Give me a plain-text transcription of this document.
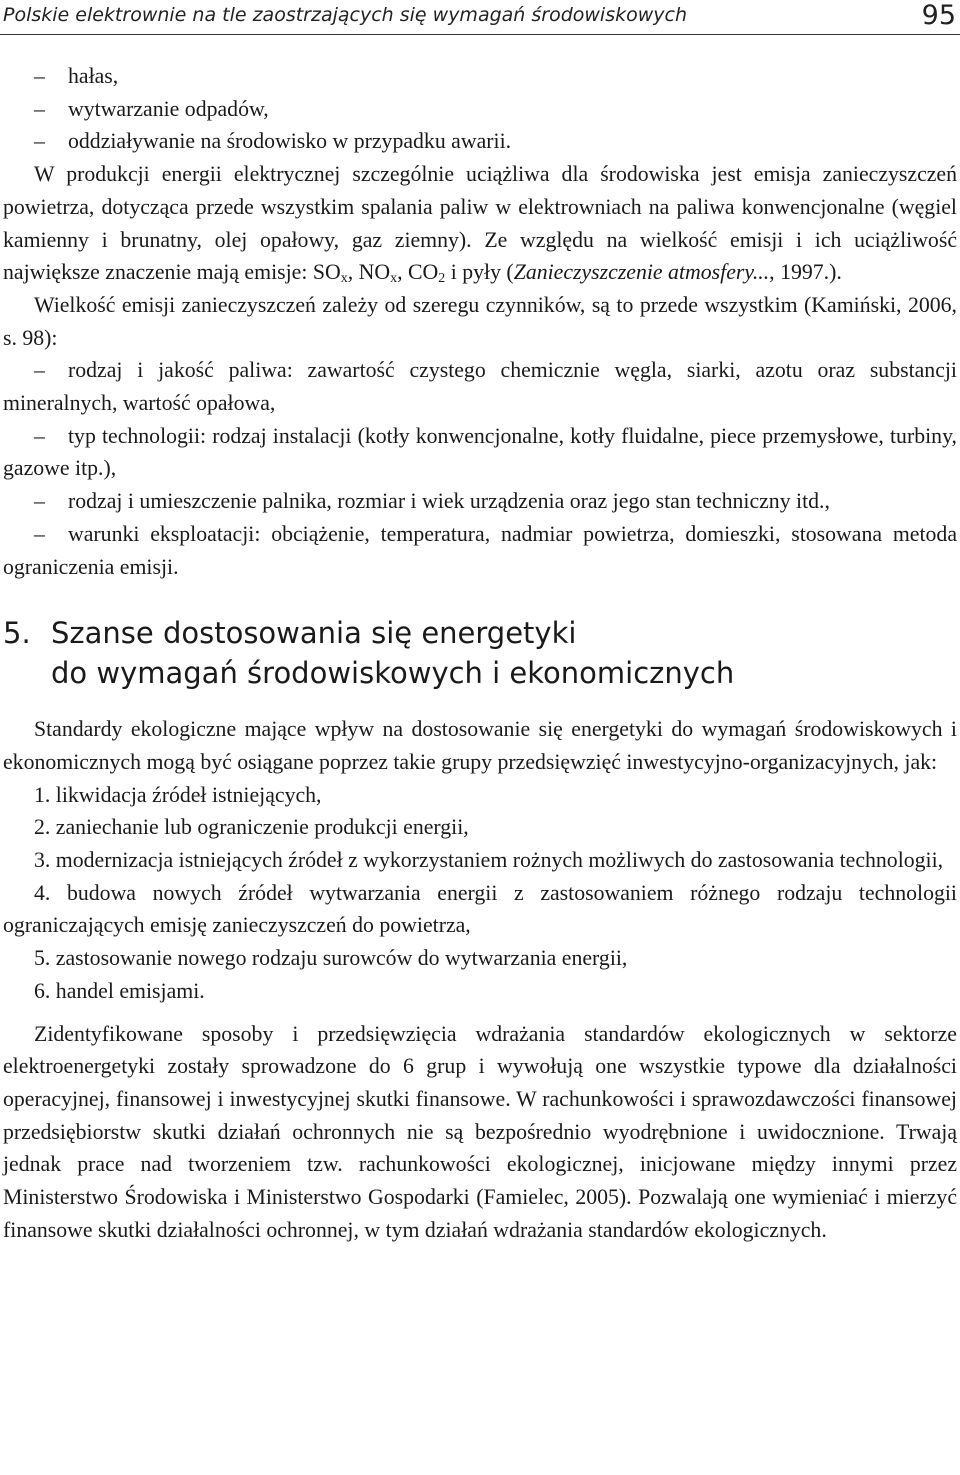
Polskie elektrownie na tle zaostrzających się wymagań środowiskowych	95

– hałas,

– wytwarzanie odpadów,

– oddziaływanie na środowisko w przypadku awarii.

W produkcji energii elektrycznej szczególnie uciążliwa dla środowiska jest emisja zanieczyszczeń powietrza, dotycząca przede wszystkim spalania paliw w elektrowniach na paliwa konwencjonalne (węgiel kamienny i brunatny, olej opałowy, gaz ziemny). Ze względu na wielkość emisji i ich uciążliwość największe znaczenie mają emisje: $SO_x$, $NO_x$, $CO_2$ i pyły (Zanieczyszczenie atmosfery..., 1997.).

Wielkość emisji zanieczyszczeń zależy od szeregu czynników, są to przede wszystkim (Kamiński, 2006, s. 98):

– rodzaj i jakość paliwa: zawartość czystego chemicznie węgla, siarki, azotu oraz substancji mineralnych, wartość opałowa,

– typ technologii: rodzaj instalacji (kotły konwencjonalne, kotły fluidalne, piece przemysłowe, turbiny, gazowe itp.),

– rodzaj i umieszczenie palnika, rozmiar i wiek urządzenia oraz jego stan techniczny itd.,

– warunki eksploatacji: obciążenie, temperatura, nadmiar powietrza, domieszki, stosowana metoda ograniczenia emisji.

5. Szanse dostosowania się energetyki
do wymagań środowiskowych i ekonomicznych

Standardy ekologiczne mające wpływ na dostosowanie się energetyki do wymagań środowiskowych i ekonomicznych mogą być osiągane poprzez takie grupy przedsięwzięć inwestycyjno-organizacyjnych, jak:

1. likwidacja źródeł istniejących,

2. zaniechanie lub ograniczenie produkcji energii,

3. modernizacja istniejących źródeł z wykorzystaniem rożnych możliwych do zastosowania technologii,

4. budowa nowych źródeł wytwarzania energii z zastosowaniem różnego rodzaju technologii ograniczających emisję zanieczyszczeń do powietrza,

5. zastosowanie nowego rodzaju surowców do wytwarzania energii,

6. handel emisjami.

Zidentyfikowane sposoby i przedsięwzięcia wdrażania standardów ekologicznych w sektorze elektroenergetyki zostały sprowadzone do 6 grup i wywołują one wszystkie typowe dla działalności operacyjnej, finansowej i inwestycyjnej skutki finansowe. W rachunkowości i sprawozdawczości finansowej przedsiębiorstw skutki działań ochronnych nie są bezpośrednio wyodrębnione i uwidocznione. Trwają jednak prace nad tworzeniem tzw. rachunkowości ekologicznej, inicjowane między innymi przez Ministerstwo Środowiska i Ministerstwo Gospodarki (Famielec, 2005). Pozwalają one wymieniać i mierzyć finansowe skutki działalności ochronnej, w tym działań wdrażania standardów ekologicznych.
